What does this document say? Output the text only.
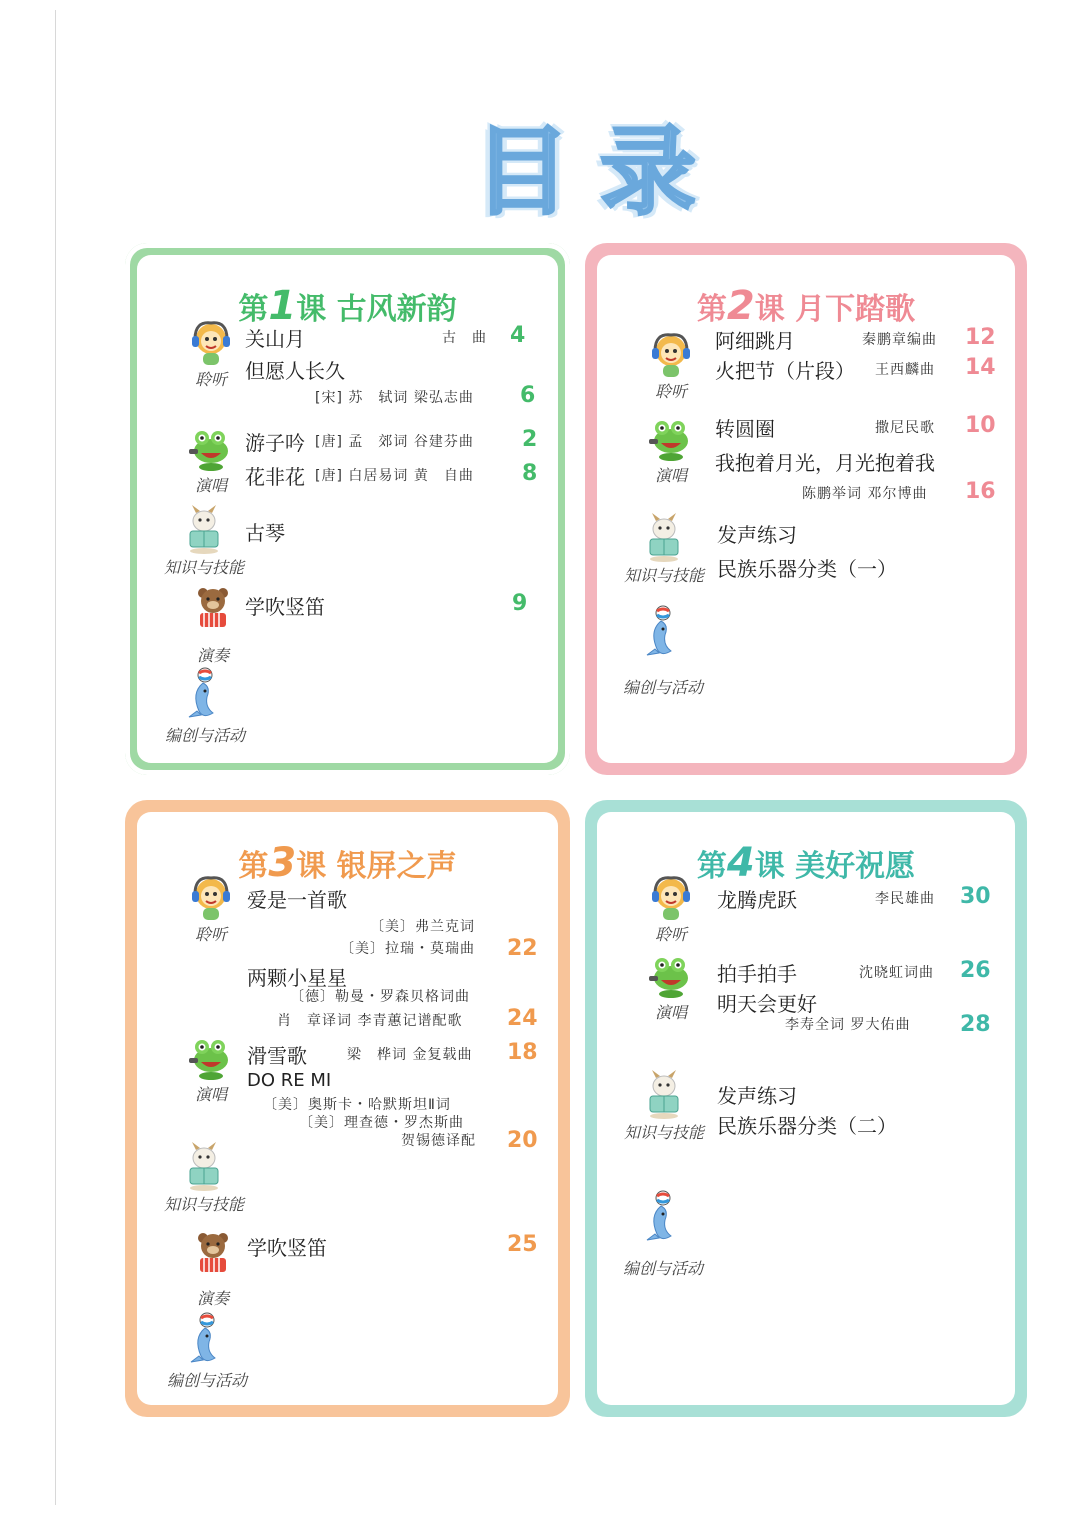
目 录
第1课 古风新韵
聆听
关山月	古　曲 4
但愿人长久
[宋] 苏　轼词 梁弘志曲 6
演唱
游子吟 [唐] 孟　郊词 谷建芬曲 2
花非花 [唐] 白居易词 黄　自曲 8
知识与技能
古琴
演奏
学吹竖笛	9
编创与活动
第2课 月下踏歌
聆听
阿细跳月	秦鹏章编曲 12
火把节（片段） 王西麟曲 14
演唱
转圆圈	撒尼民歌 10
我抱着月光，月光抱着我
陈鹏举词 邓尔博曲 16
知识与技能
发声练习
民族乐器分类（一）
编创与活动
第3课 银屏之声
聆听
爱是一首歌
〔美〕弗兰克词
〔美〕拉瑞・莫瑞曲 22
两颗小星星
〔德〕勒曼・罗森贝格词曲
肖　章译词 李青蕙记谱配歌 24
演唱
滑雪歌	梁　桦词 金复载曲 18
DO RE MI
〔美〕奥斯卡・哈默斯坦Ⅱ词
〔美〕理查德・罗杰斯曲
贺锡德译配 20
知识与技能
演奏
学吹竖笛	25
编创与活动
第4课 美好祝愿
聆听
龙腾虎跃	李民雄曲 30
演唱
拍手拍手	沈晓虹词曲 26
明天会更好
李寿全词 罗大佑曲 28
知识与技能
发声练习
民族乐器分类（二）
编创与活动
